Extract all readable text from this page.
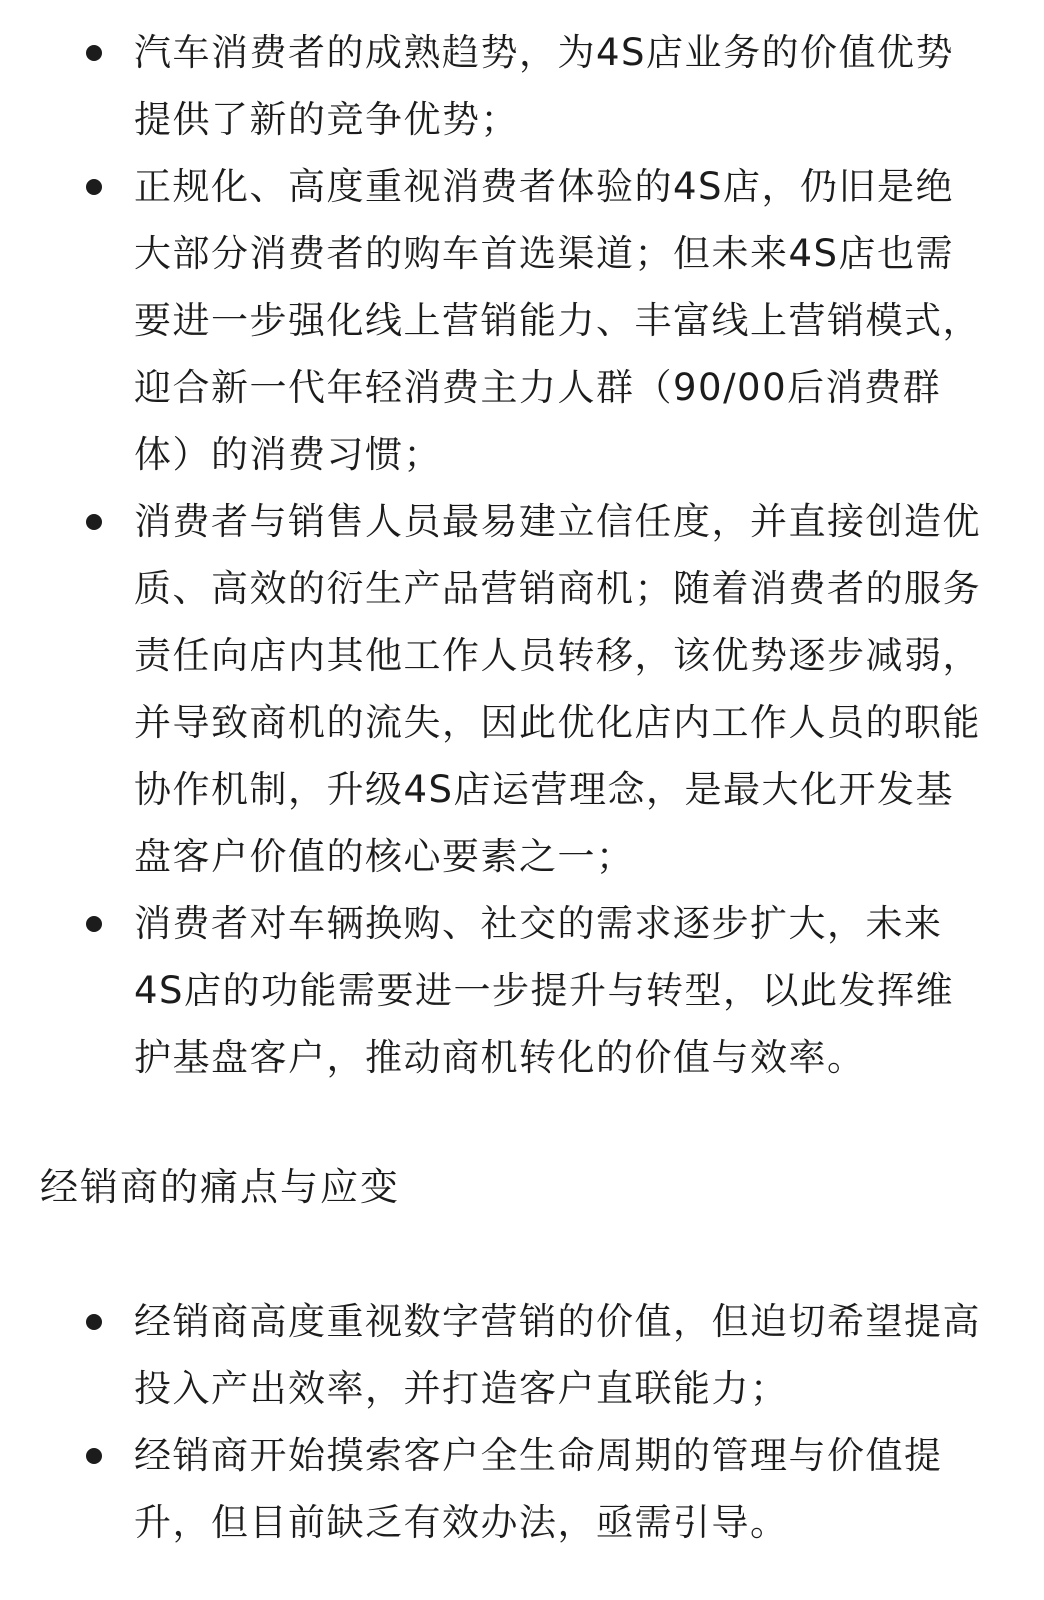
汽车消费者的成熟趋势，为4S店业务的价值优势提供了新的竞争优势；
正规化、高度重视消费者体验的4S店，仍旧是绝大部分消费者的购车首选渠道；但未来4S店也需要进一步强化线上营销能力、丰富线上营销模式，迎合新一代年轻消费主力人群（90/00后消费群体）的消费习惯；
消费者与销售人员最易建立信任度，并直接创造优质、高效的衍生产品营销商机；随着消费者的服务责任向店内其他工作人员转移，该优势逐步减弱，并导致商机的流失，因此优化店内工作人员的职能协作机制，升级4S店运营理念，是最大化开发基盘客户价值的核心要素之一；
消费者对车辆换购、社交的需求逐步扩大，未来4S店的功能需要进一步提升与转型，以此发挥维护基盘客户，推动商机转化的价值与效率。
经销商的痛点与应变
经销商高度重视数字营销的价值，但迫切希望提高投入产出效率，并打造客户直联能力；
经销商开始摸索客户全生命周期的管理与价值提升，但目前缺乏有效办法，亟需引导。
